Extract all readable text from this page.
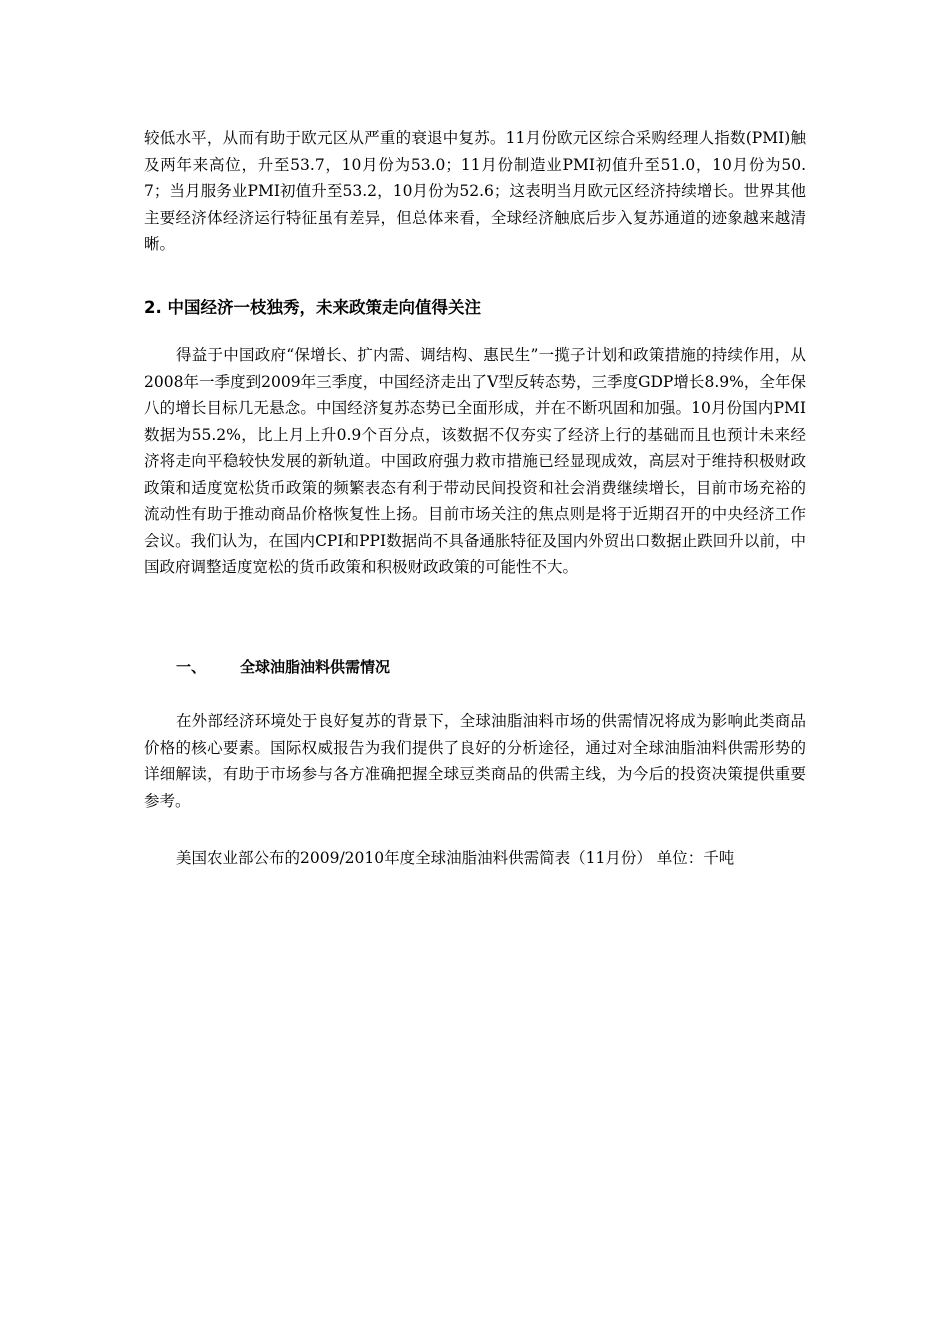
较低水平，从而有助于欧元区从严重的衰退中复苏。11月份欧元区综合采购经理人指数(PMI)触及两年来高位，升至53.7，10月份为53.0；11月份制造业PMI初值升至51.0，10月份为50.7；当月服务业PMI初值升至53.2，10月份为52.6；这表明当月欧元区经济持续增长。世界其他主要经济体经济运行特征虽有差异，但总体来看，全球经济触底后步入复苏通道的迹象越来越清晰。

2. 中国经济一枝独秀，未来政策走向值得关注

得益于中国政府“保增长、扩内需、调结构、惠民生”一揽子计划和政策措施的持续作用，从2008年一季度到2009年三季度，中国经济走出了V型反转态势，三季度GDP增长8.9%，全年保八的增长目标几无悬念。中国经济复苏态势已全面形成，并在不断巩固和加强。10月份国内PMI数据为55.2%，比上月上升0.9个百分点，该数据不仅夯实了经济上行的基础而且也预计未来经济将走向平稳较快发展的新轨道。中国政府强力救市措施已经显现成效，高层对于维持积极财政政策和适度宽松货币政策的频繁表态有利于带动民间投资和社会消费继续增长，目前市场充裕的流动性有助于推动商品价格恢复性上扬。目前市场关注的焦点则是将于近期召开的中央经济工作会议。我们认为，在国内CPI和PPI数据尚不具备通胀特征及国内外贸出口数据止跌回升以前，中国政府调整适度宽松的货币政策和积极财政政策的可能性不大。

一、 全球油脂油料供需情况

在外部经济环境处于良好复苏的背景下，全球油脂油料市场的供需情况将成为影响此类商品价格的核心要素。国际权威报告为我们提供了良好的分析途径，通过对全球油脂油料供需形势的详细解读，有助于市场参与各方准确把握全球豆类商品的供需主线，为今后的投资决策提供重要参考。

美国农业部公布的2009/2010年度全球油脂油料供需简表（11月份） 单位：千吨
